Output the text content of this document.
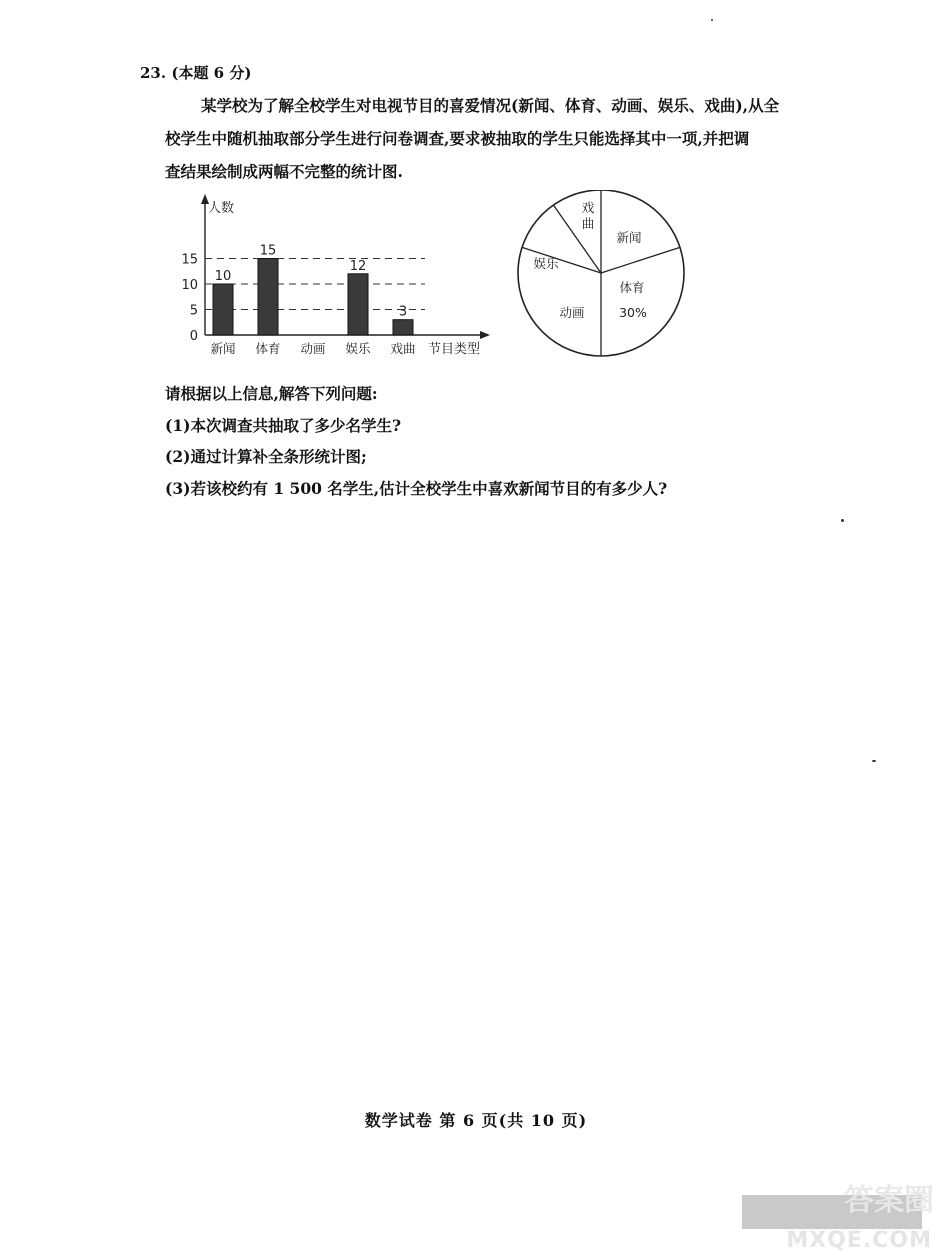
23. (本题 6 分)
某学校为了解全校学生对电视节目的喜爱情况(新闻、体育、动画、娱乐、戏曲),从全
校学生中随机抽取部分学生进行问卷调查,要求被抽取的学生只能选择其中一项,并把调
查结果绘制成两幅不完整的统计图.
0
5
10
15
10
新闻
15
体育 动画
12
娱乐
3
戏曲
人数
节目类型
新闻
体育
30%
动画
娱乐
戏
曲
请根据以上信息,解答下列问题:
(1)本次调查共抽取了多少名学生?
(2)通过计算补全条形统计图;
(3)若该校约有 1 500 名学生,估计全校学生中喜欢新闻节目的有多少人?
数学试卷 第 6 页(共 10 页)
答案圈
MXQE.COM
